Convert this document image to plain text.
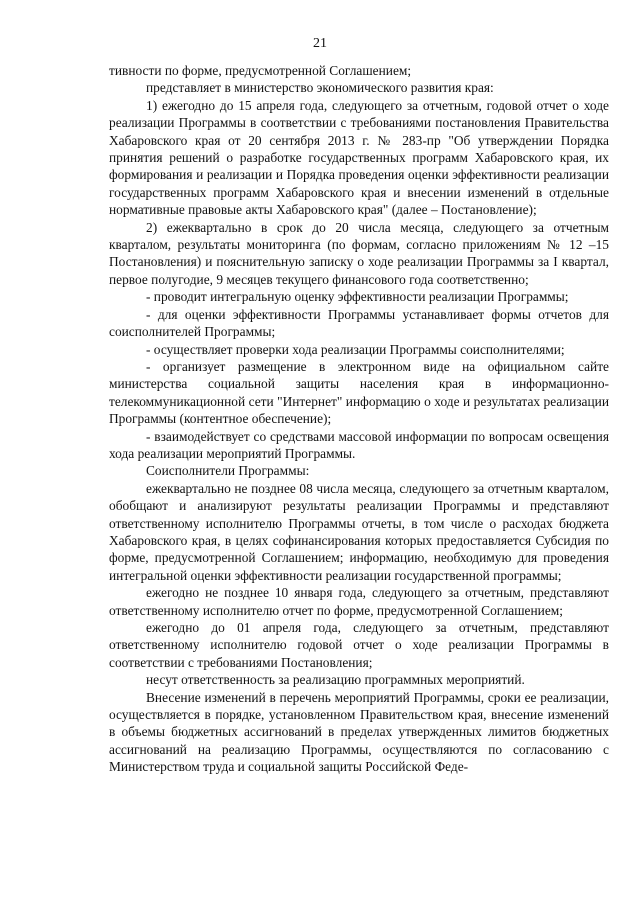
21

тивности по форме, предусмотренной Соглашением;

представляет в министерство экономического развития края:

1) ежегодно до 15 апреля года, следующего за отчетным, годовой отчет о ходе реализации Программы в соответствии с требованиями постановления Правительства Хабаровского края от 20 сентября 2013 г. № 283-пр "Об утверждении Порядка принятия решений о разработке государственных программ Хабаровского края, их формирования и реализации и Порядка проведения оценки эффективности реализации государственных программ Хабаровского края и внесении изменений в отдельные нормативные правовые акты Хабаровского края" (далее – Постановление);

2) ежеквартально в срок до 20 числа месяца, следующего за отчетным кварталом, результаты мониторинга (по формам, согласно приложениям № 12 –15 Постановления) и пояснительную записку о ходе реализации Программы за I квартал, первое полугодие, 9 месяцев текущего финансового года соответственно;

- проводит интегральную оценку эффективности реализации Программы;

- для оценки эффективности Программы устанавливает формы отчетов для соисполнителей Программы;

- осуществляет проверки хода реализации Программы соисполнителями;

- организует размещение в электронном виде на официальном сайте министерства социальной защиты населения края в информационно-телекоммуникационной сети "Интернет" информацию о ходе и результатах реализации Программы (контентное обеспечение);

- взаимодействует со средствами массовой информации по вопросам освещения хода реализации мероприятий Программы.

Соисполнители Программы:

ежеквартально не позднее 08 числа месяца, следующего за отчетным кварталом, обобщают и анализируют результаты реализации Программы и представляют ответственному исполнителю Программы отчеты, в том числе о расходах бюджета Хабаровского края, в целях софинансирования которых предоставляется Субсидия по форме, предусмотренной Соглашением; информацию, необходимую для проведения интегральной оценки эффективности реализации государственной программы;

ежегодно не позднее 10 января года, следующего за отчетным, представляют ответственному исполнителю отчет по форме, предусмотренной Соглашением;

ежегодно до 01 апреля года, следующего за отчетным, представляют ответственному исполнителю годовой отчет о ходе реализации Программы в соответствии с требованиями Постановления;

несут ответственность за реализацию программных мероприятий.

Внесение изменений в перечень мероприятий Программы, сроки ее реализации, осуществляется в порядке, установленном Правительством края, внесение изменений в объемы бюджетных ассигнований в пределах утвержденных лимитов бюджетных ассигнований на реализацию Программы, осуществляются по согласованию с Министерством труда и социальной защиты Российской Феде-
